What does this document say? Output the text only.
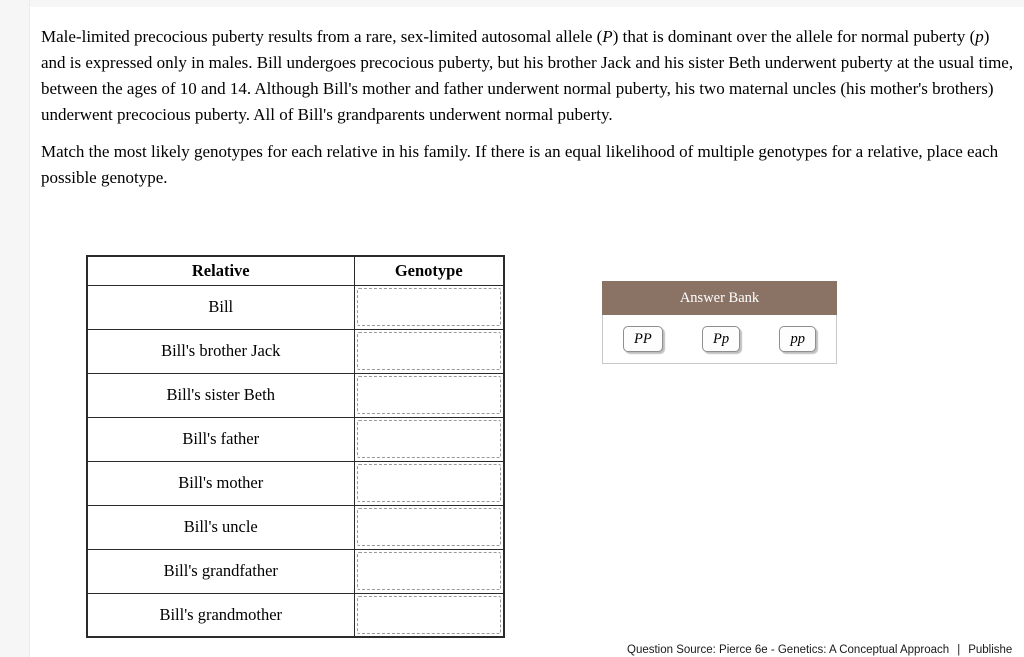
Male-limited precocious puberty results from a rare, sex-limited autosomal allele (P) that is dominant over the allele for normal puberty (p) and is expressed only in males. Bill undergoes precocious puberty, but his brother Jack and his sister Beth underwent puberty at the usual time, between the ages of 10 and 14. Although Bill's mother and father underwent normal puberty, his two maternal uncles (his mother's brothers) underwent precocious puberty. All of Bill's grandparents underwent normal puberty.

Match the most likely genotypes for each relative in his family. If there is an equal likelihood of multiple genotypes for a relative, place each possible genotype.

Relative	Genotype
Bill	

Bill's brother Jack	

Bill's sister Beth	

Bill's father	

Bill's mother	

Bill's uncle	

Bill's grandfather	

Bill's grandmother	
Answer Bank
PP	Pp	pp
Question Source: Pierce 6e - Genetics: A Conceptual Approach | Publishe
